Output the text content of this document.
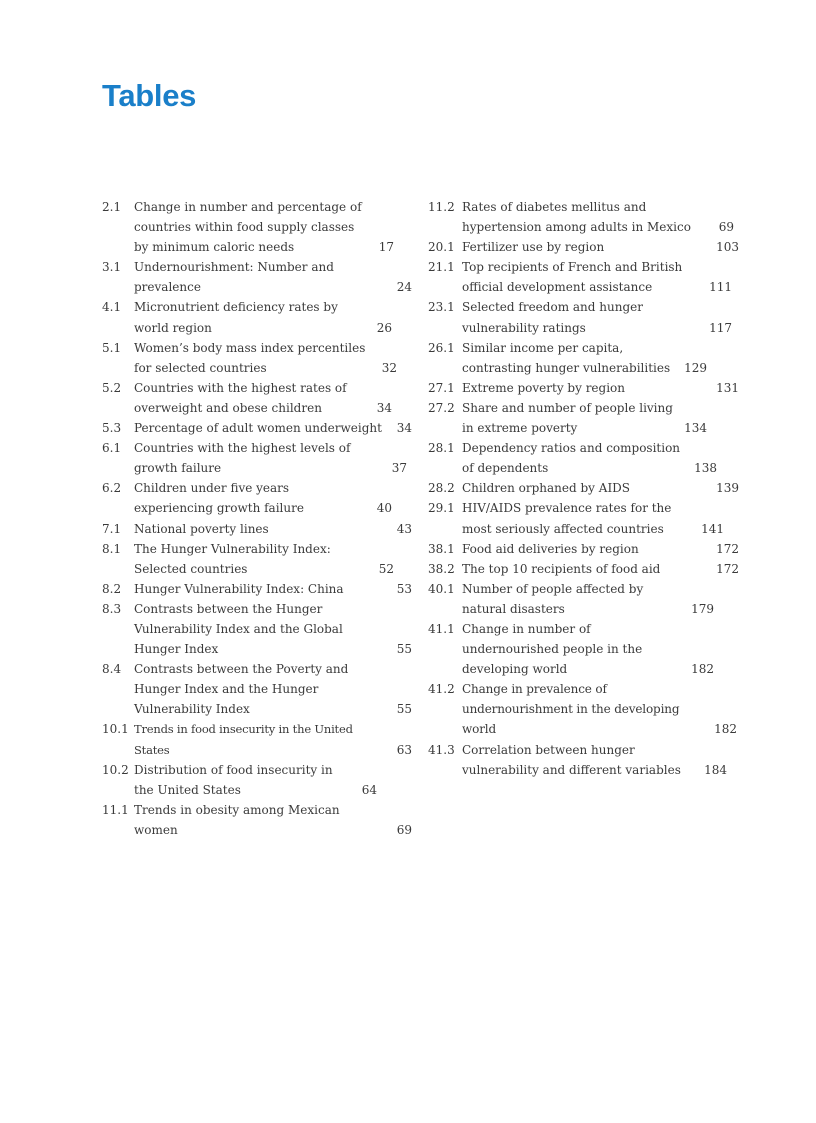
Tables
2.1	Change in number and percentage of countries within food supply classes by minimum caloric needs	17
3.1	Undernourishment: Number and prevalence	24
4.1	Micronutrient deficiency rates by world region	26
5.1	Women’s body mass index percentiles for selected countries	32
5.2	Countries with the highest rates of overweight and obese children	34
5.3	Percentage of adult women underweight	34
6.1	Countries with the highest levels of growth failure	37
6.2	Children under five years experiencing growth failure	40
7.1	National poverty lines	43
8.1	The Hunger Vulnerability Index: Selected countries	52
8.2	Hunger Vulnerability Index: China	53
8.3	Contrasts between the Hunger Vulnerability Index and the Global Hunger Index	55
8.4	Contrasts between the Poverty and Hunger Index and the Hunger Vulnerability Index	55
10.1 Trends in food insecurity in the United States	63
10.2 Distribution of food insecurity in the United States	64
11.1 Trends in obesity among Mexican women	69
11.2 Rates of diabetes mellitus and hypertension among adults in Mexico	69
20.1 Fertilizer use by region	103
21.1 Top recipients of French and British official development assistance	111
23.1 Selected freedom and hunger vulnerability ratings	117
26.1 Similar income per capita, contrasting hunger vulnerabilities	129
27.1 Extreme poverty by region	131
27.2 Share and number of people living in extreme poverty	134
28.1 Dependency ratios and composition of dependents	138
28.2 Children orphaned by AIDS	139
29.1 HIV/AIDS prevalence rates for the most seriously affected countries	141
38.1 Food aid deliveries by region	172
38.2 The top 10 recipients of food aid	172
40.1 Number of people affected by natural disasters	179
41.1 Change in number of undernourished people in the developing world	182
41.2 Change in prevalence of undernourishment in the developing world	182
41.3 Correlation between hunger vulnerability and different variables	184
